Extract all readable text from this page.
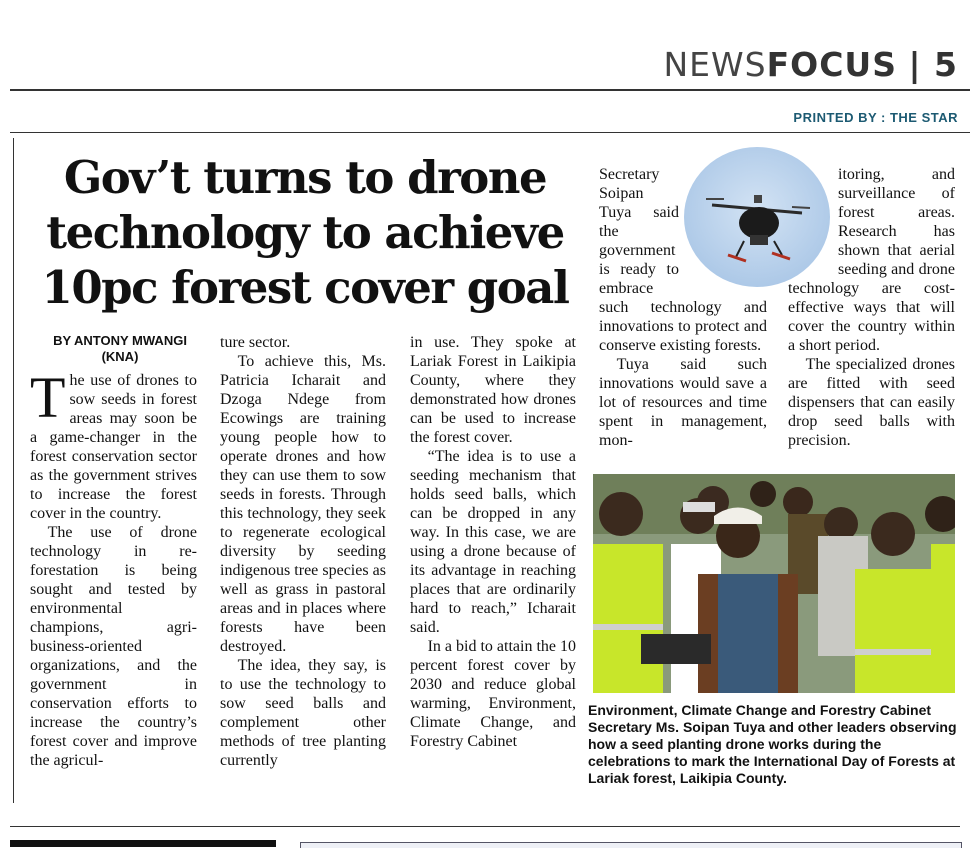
NEWSFOCUS | 5
PRINTED BY : THE STAR
Gov’t turns to drone technology to achieve 10pc forest cover goal
BY ANTONY MWANGI
(KNA)

The use of drones to sow seeds in forest areas may soon be a game-changer in the forest conservation sector as the government strives to increase the forest cover in the country.

The use of drone technology in re-forestation is being sought and tested by environmental champions, agri-business-oriented organizations, and the government in conservation efforts to increase the country’s forest cover and improve the agricul-

ture sector.

To achieve this, Ms. Patricia Icharait and Dzoga Ndege from Ecowings are training young people how to operate drones and how they can use them to sow seeds in forests. Through this technology, they seek to regenerate ecological diversity by seeding indigenous tree species as well as grass in pastoral areas and in places where forests have been destroyed.

The idea, they say, is to use the technology to sow seed balls and complement other methods of tree planting currently

in use. They spoke at Lariak Forest in Laikipia County, where they demonstrated how drones can be used to increase the forest cover.

“The idea is to use a seeding mechanism that holds seed balls, which can be dropped in any way. In this case, we are using a drone because of its advantage in reaching places that are ordinarily hard to reach,” Icharait said.

In a bid to attain the 10 percent forest cover by 2030 and reduce global warming, Environment, Climate Change, and Forestry Cabinet

Secretary Soipan Tuya said the government is ready to embrace such technology and innovations to protect and conserve existing forests.

Tuya said such innovations would save a lot of resources and time spent in management, mon-

itoring, and surveillance of forest areas. Research has shown that aerial seeding and drone technology are cost-effective ways that will cover the country within a short period.

The specialized drones are fitted with seed dispensers that can easily drop seed balls with precision.

Environment, Climate Change and Forestry Cabinet Secretary Ms. Soipan Tuya and other leaders observing how a seed planting drone works during the celebrations to mark the International Day of Forests at Lariak forest, Laikipia County.
